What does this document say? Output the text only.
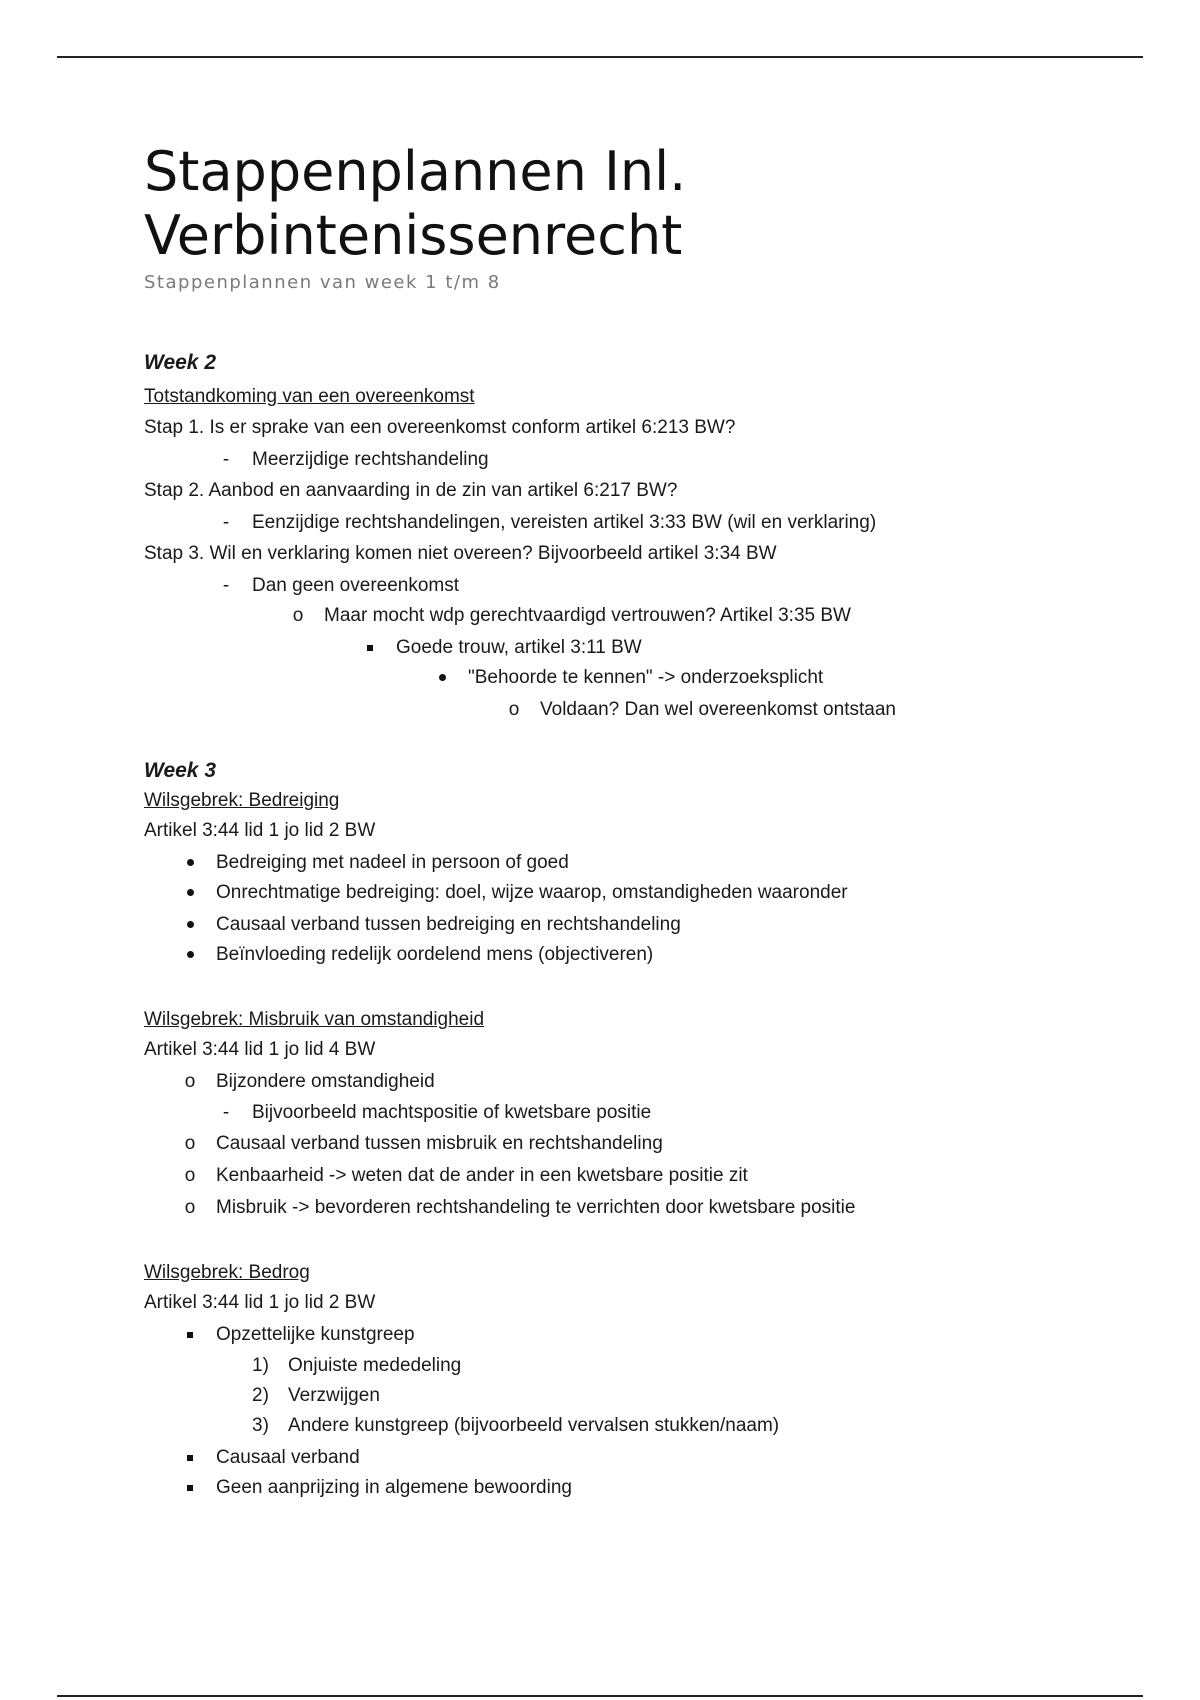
Stappenplannen Inl.
Verbintenissenrecht
Stappenplannen van week 1 t/m 8
Week 2
Totstandkoming van een overeenkomst
Stap 1. Is er sprake van een overeenkomst conform artikel 6:213 BW?
-	Meerzijdige rechtshandeling
Stap 2. Aanbod en aanvaarding in de zin van artikel 6:217 BW?
-	Eenzijdige rechtshandelingen, vereisten artikel 3:33 BW (wil en verklaring)
Stap 3. Wil en verklaring komen niet overeen? Bijvoorbeeld artikel 3:34 BW
-	Dan geen overeenkomst
o Maar mocht wdp gerechtvaardigd vertrouwen? Artikel 3:35 BW
Goede trouw, artikel 3:11 BW
"Behoorde te kennen" -> onderzoeksplicht
o Voldaan? Dan wel overeenkomst ontstaan
Week 3
Wilsgebrek: Bedreiging
Artikel 3:44 lid 1 jo lid 2 BW
Bedreiging met nadeel in persoon of goed
Onrechtmatige bedreiging: doel, wijze waarop, omstandigheden waaronder
Causaal verband tussen bedreiging en rechtshandeling
Beïnvloeding redelijk oordelend mens (objectiveren)
Wilsgebrek: Misbruik van omstandigheid
Artikel 3:44 lid 1 jo lid 4 BW
o Bijzondere omstandigheid
-	Bijvoorbeeld machtspositie of kwetsbare positie
o Causaal verband tussen misbruik en rechtshandeling
o Kenbaarheid -> weten dat de ander in een kwetsbare positie zit
o Misbruik -> bevorderen rechtshandeling te verrichten door kwetsbare positie
Wilsgebrek: Bedrog
Artikel 3:44 lid 1 jo lid 2 BW
Opzettelijke kunstgreep
1)	Onjuiste mededeling
2)	Verzwijgen
3)	Andere kunstgreep (bijvoorbeeld vervalsen stukken/naam)
Causaal verband
Geen aanprijzing in algemene bewoording
